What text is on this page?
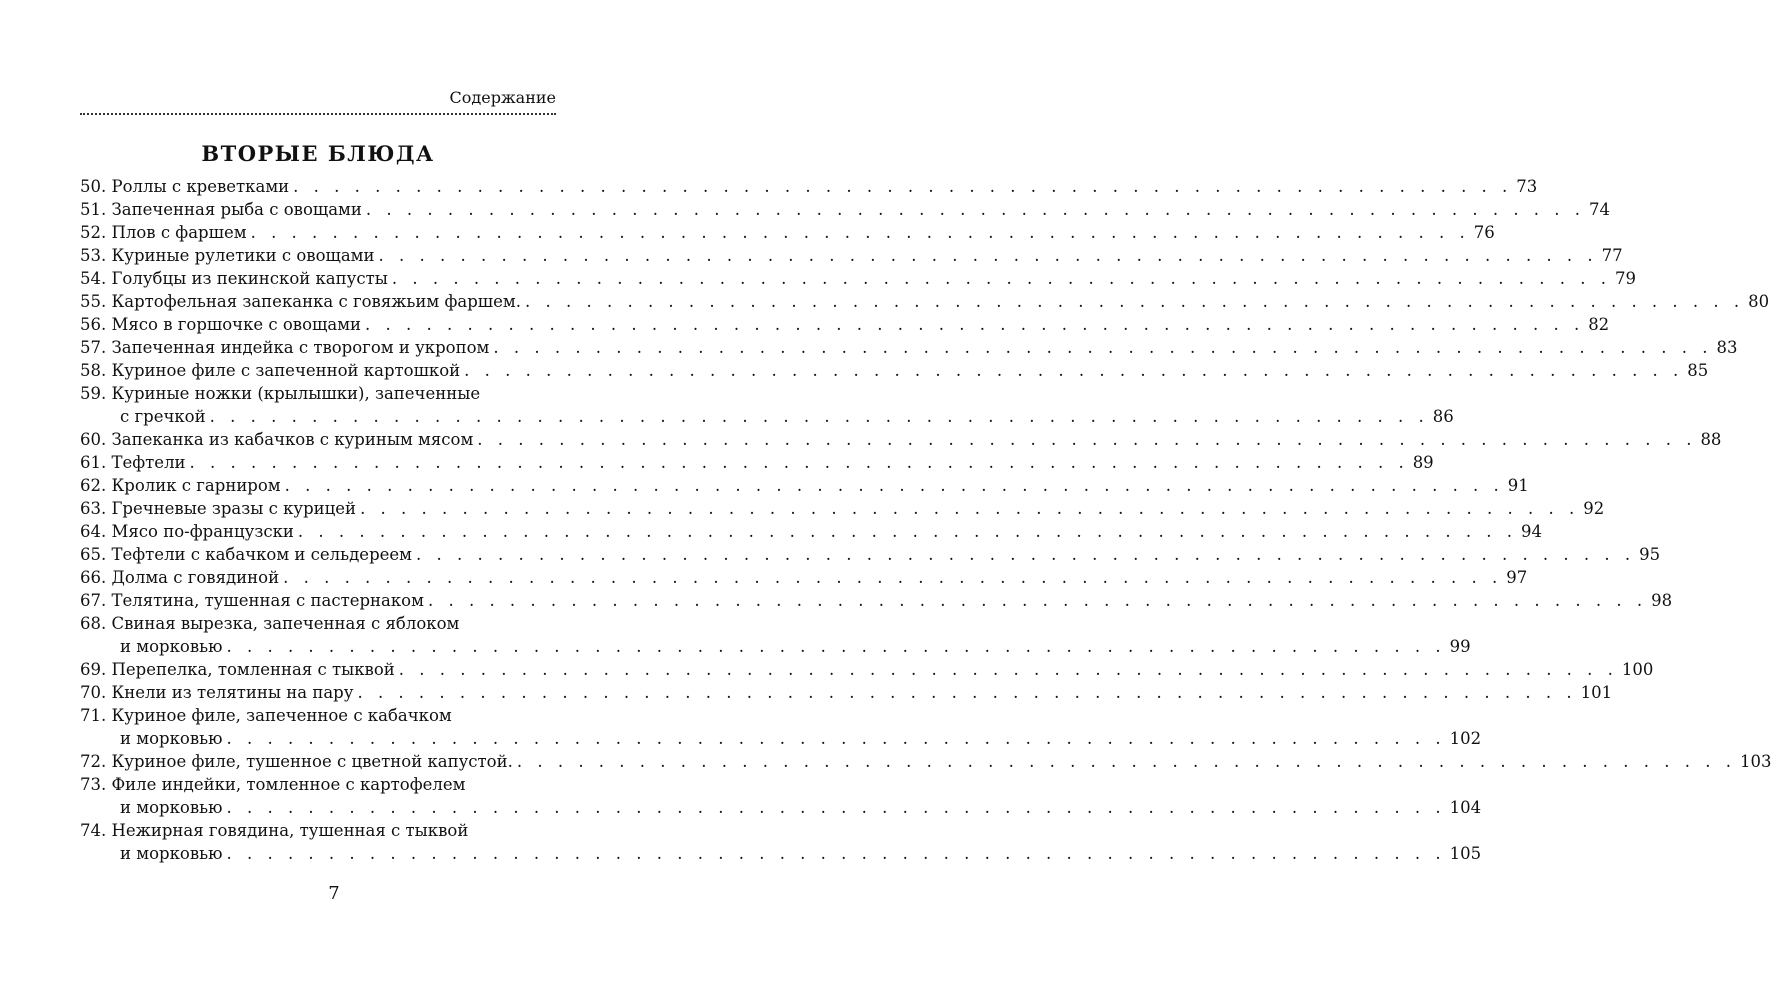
Содержание
ВТОРЫЕ БЛЮДА
50. Роллы с креветками . . . . . . . . . . . . . . . . . . . . . . . . . . . . . . . . . . . . . . . . . . . . . . . . . . . . . . . . . . . . 73
51. Запеченная рыба с овощами . . . . . . . . . . . . . . . . . . . . . . . . . . . . . . . . . . . . . . . . . . . . . . . . . . . . . . . . . . . . 74
52. Плов с фаршем . . . . . . . . . . . . . . . . . . . . . . . . . . . . . . . . . . . . . . . . . . . . . . . . . . . . . . . . . . . . 76
53. Куриные рулетики с овощами . . . . . . . . . . . . . . . . . . . . . . . . . . . . . . . . . . . . . . . . . . . . . . . . . . . . . . . . . . . . 77
54. Голубцы из пекинской капусты . . . . . . . . . . . . . . . . . . . . . . . . . . . . . . . . . . . . . . . . . . . . . . . . . . . . . . . . . . . . 79
55. Картофельная запеканка с говяжьим фаршем. . . . . . . . . . . . . . . . . . . . . . . . . . . . . . . . . . . . . . . . . . . . . . . . . . . . . . . . . . . . . 80
56. Мясо в горшочке с овощами . . . . . . . . . . . . . . . . . . . . . . . . . . . . . . . . . . . . . . . . . . . . . . . . . . . . . . . . . . . . 82
57. Запеченная индейка с творогом и укропом . . . . . . . . . . . . . . . . . . . . . . . . . . . . . . . . . . . . . . . . . . . . . . . . . . . . . . . . . . . . 83
58. Куриное филе с запеченной картошкой . . . . . . . . . . . . . . . . . . . . . . . . . . . . . . . . . . . . . . . . . . . . . . . . . . . . . . . . . . . . 85
59. Куриные ножки (крылышки), запеченные
с гречкой . . . . . . . . . . . . . . . . . . . . . . . . . . . . . . . . . . . . . . . . . . . . . . . . . . . . . . . . . . . . 86
60. Запеканка из кабачков с куриным мясом . . . . . . . . . . . . . . . . . . . . . . . . . . . . . . . . . . . . . . . . . . . . . . . . . . . . . . . . . . . . 88
61. Тефтели . . . . . . . . . . . . . . . . . . . . . . . . . . . . . . . . . . . . . . . . . . . . . . . . . . . . . . . . . . . . 89
62. Кролик с гарниром . . . . . . . . . . . . . . . . . . . . . . . . . . . . . . . . . . . . . . . . . . . . . . . . . . . . . . . . . . . . 91
63. Гречневые зразы с курицей . . . . . . . . . . . . . . . . . . . . . . . . . . . . . . . . . . . . . . . . . . . . . . . . . . . . . . . . . . . . 92
64. Мясо по-французски . . . . . . . . . . . . . . . . . . . . . . . . . . . . . . . . . . . . . . . . . . . . . . . . . . . . . . . . . . . . 94
65. Тефтели с кабачком и сельдереем . . . . . . . . . . . . . . . . . . . . . . . . . . . . . . . . . . . . . . . . . . . . . . . . . . . . . . . . . . . . 95
66. Долма с говядиной . . . . . . . . . . . . . . . . . . . . . . . . . . . . . . . . . . . . . . . . . . . . . . . . . . . . . . . . . . . . 97
67. Телятина, тушенная с пастернаком . . . . . . . . . . . . . . . . . . . . . . . . . . . . . . . . . . . . . . . . . . . . . . . . . . . . . . . . . . . . 98
68. Свиная вырезка, запеченная с яблоком
и морковью . . . . . . . . . . . . . . . . . . . . . . . . . . . . . . . . . . . . . . . . . . . . . . . . . . . . . . . . . . . . 99
69. Перепелка, томленная с тыквой . . . . . . . . . . . . . . . . . . . . . . . . . . . . . . . . . . . . . . . . . . . . . . . . . . . . . . . . . . . . 100
70. Кнели из телятины на пару . . . . . . . . . . . . . . . . . . . . . . . . . . . . . . . . . . . . . . . . . . . . . . . . . . . . . . . . . . . . 101
71. Куриное филе, запеченное с кабачком
и морковью . . . . . . . . . . . . . . . . . . . . . . . . . . . . . . . . . . . . . . . . . . . . . . . . . . . . . . . . . . . . 102
72. Куриное филе, тушенное с цветной капустой. . . . . . . . . . . . . . . . . . . . . . . . . . . . . . . . . . . . . . . . . . . . . . . . . . . . . . . . . . . . . 103
73. Филе индейки, томленное с картофелем
и морковью . . . . . . . . . . . . . . . . . . . . . . . . . . . . . . . . . . . . . . . . . . . . . . . . . . . . . . . . . . . . 104
74. Нежирная говядина, тушенная с тыквой
и морковью . . . . . . . . . . . . . . . . . . . . . . . . . . . . . . . . . . . . . . . . . . . . . . . . . . . . . . . . . . . . 105
7
